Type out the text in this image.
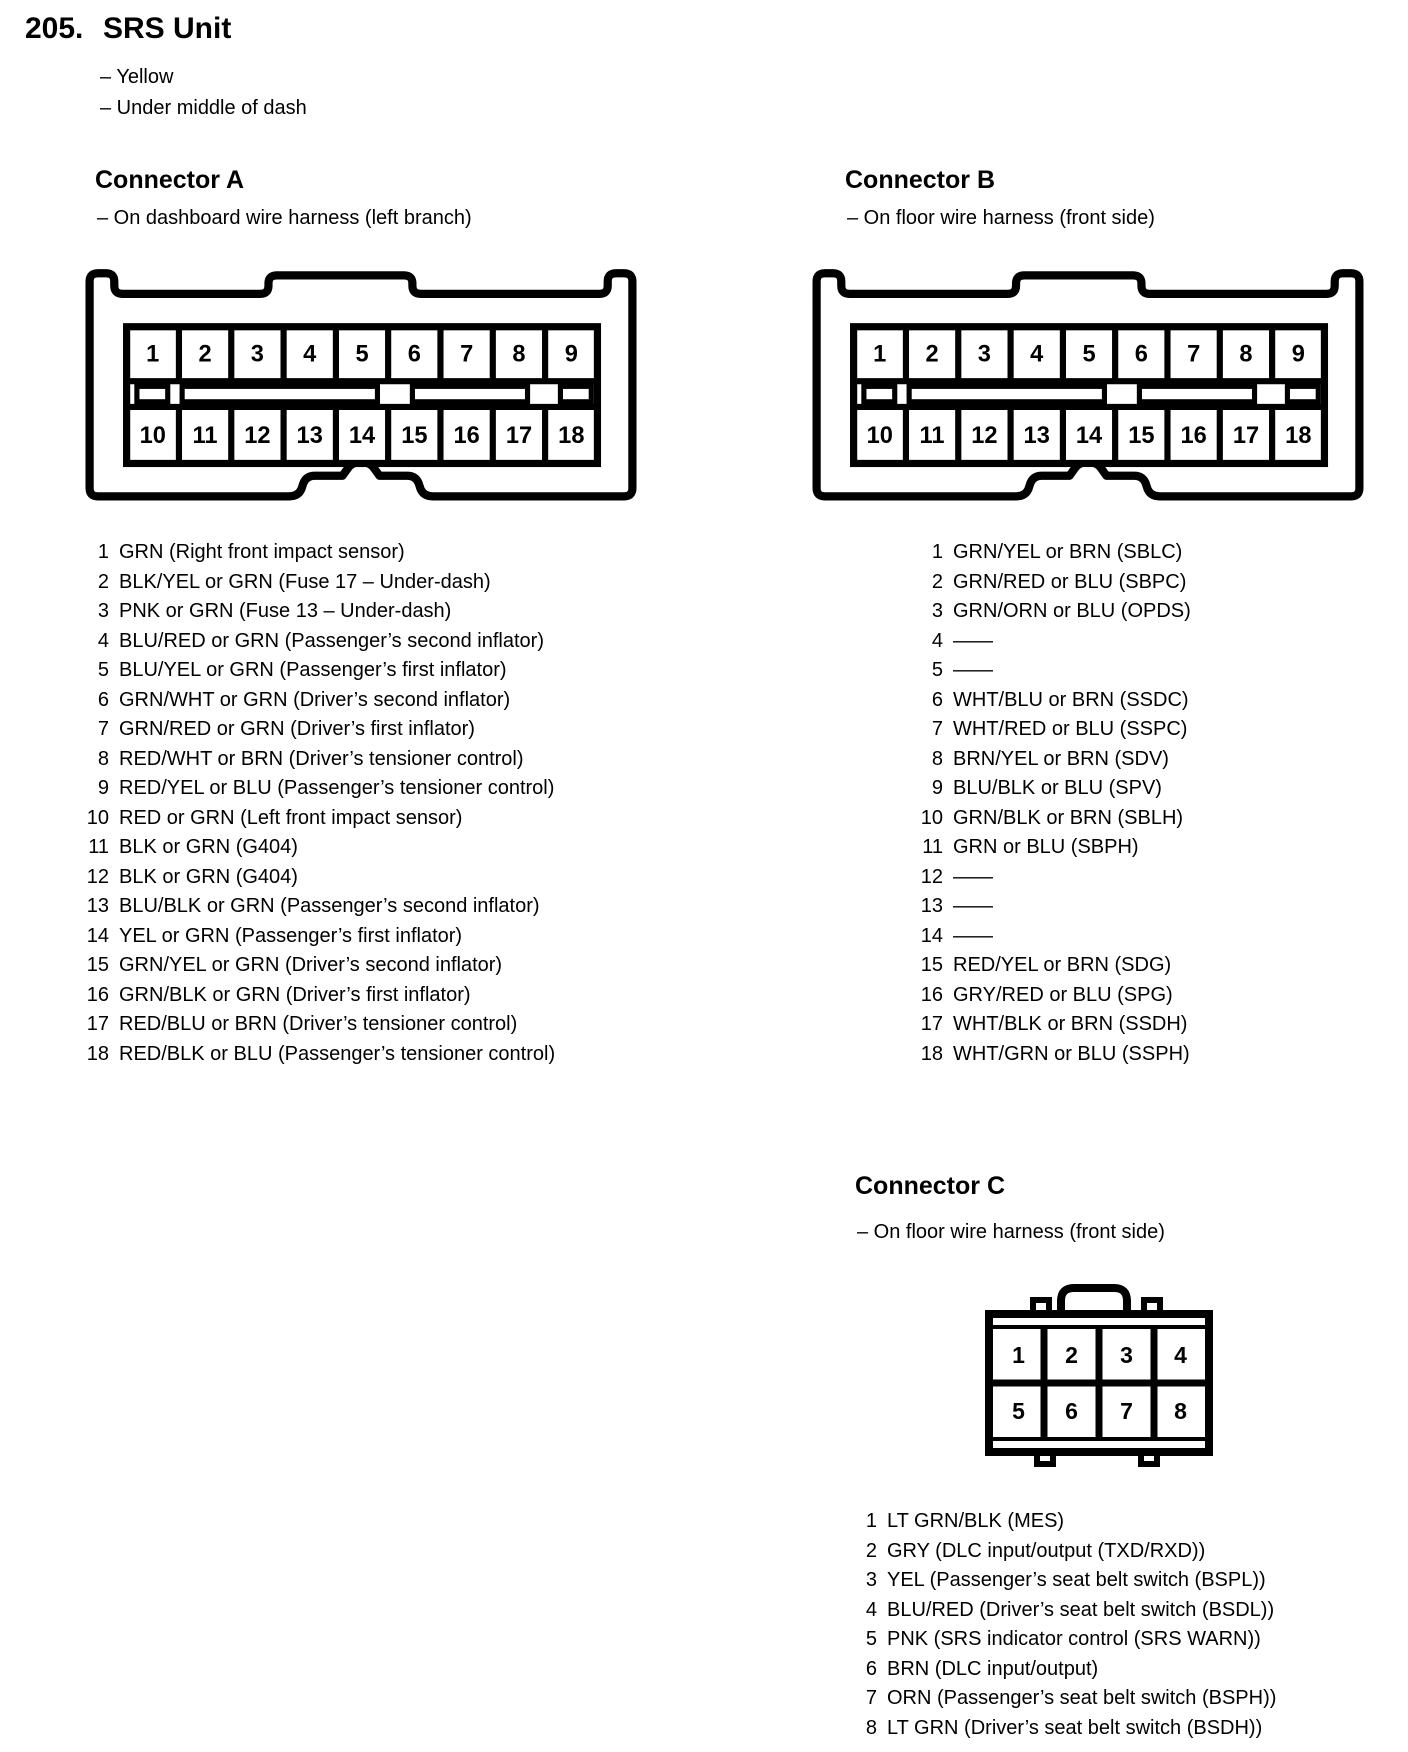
205. SRS Unit
– Yellow
– Under middle of dash
Connector A
– On dashboard wire harness (left branch)
1
10
2
11
3
12
4
13
5
14
6
15
7
16
8
17
9
18
1 GRN (Right front impact sensor)
2 BLK/YEL or GRN (Fuse 17 – Under-dash)
3 PNK or GRN (Fuse 13 – Under-dash)
4 BLU/RED or GRN (Passenger’s second inflator)
5 BLU/YEL or GRN (Passenger’s first inflator)
6 GRN/WHT or GRN (Driver’s second inflator)
7 GRN/RED or GRN (Driver’s first inflator)
8 RED/WHT or BRN (Driver’s tensioner control)
9 RED/YEL or BLU (Passenger’s tensioner control)
10 RED or GRN (Left front impact sensor)
11 BLK or GRN (G404)
12 BLK or GRN (G404)
13 BLU/BLK or GRN (Passenger’s second inflator)
14 YEL or GRN (Passenger’s first inflator)
15 GRN/YEL or GRN (Driver’s second inflator)
16 GRN/BLK or GRN (Driver’s first inflator)
17 RED/BLU or BRN (Driver’s tensioner control)
18 RED/BLK or BLU (Passenger’s tensioner control)
Connector B
– On floor wire harness (front side)
1
10
2
11
3
12
4
13
5
14
6
15
7
16
8
17
9
18
1 GRN/YEL or BRN (SBLC)
2 GRN/RED or BLU (SBPC)
3 GRN/ORN or BLU (OPDS)
4 ——
5 ——
6 WHT/BLU or BRN (SSDC)
7 WHT/RED or BLU (SSPC)
8 BRN/YEL or BRN (SDV)
9 BLU/BLK or BLU (SPV)
10 GRN/BLK or BRN (SBLH)
11 GRN or BLU (SBPH)
12 ——
13 ——
14 ——
15 RED/YEL or BRN (SDG)
16 GRY/RED or BLU (SPG)
17 WHT/BLK or BRN (SSDH)
18 WHT/GRN or BLU (SSPH)
Connector C
– On floor wire harness (front side)
1
5
2
6
3
7
4
8
1 LT GRN/BLK (MES)
2 GRY (DLC input/output (TXD/RXD))
3 YEL (Passenger’s seat belt switch (BSPL))
4 BLU/RED (Driver’s seat belt switch (BSDL))
5 PNK (SRS indicator control (SRS WARN))
6 BRN (DLC input/output)
7 ORN (Passenger’s seat belt switch (BSPH))
8 LT GRN (Driver’s seat belt switch (BSDH))
